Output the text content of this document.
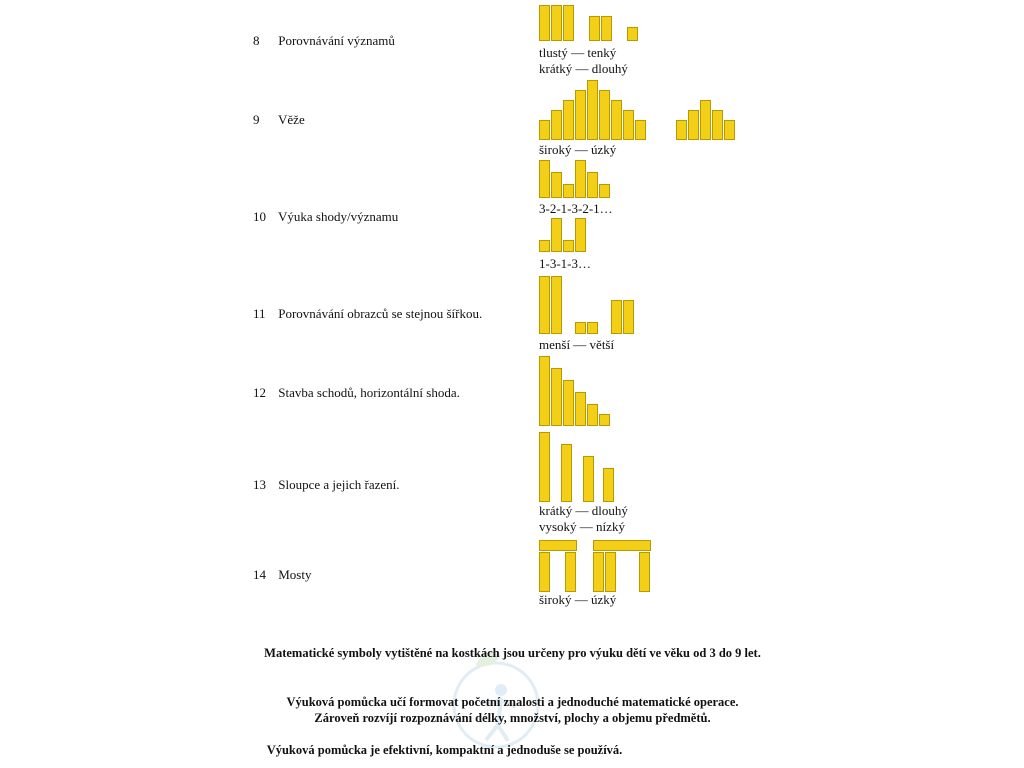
8 Porovnávání významů
9 Věže
10 Výuka shody/významu
11 Porovnávání obrazců se stejnou šířkou.
12 Stavba schodů, horizontální shoda.
13 Sloupce a jejich řazení.
14 Mosty
tlustý — tenký
krátký — dlouhý
široký — úzký
3-2-1-3-2-1…
1-3-1-3…
menší — větší
krátký — dlouhý
vysoký — nízký
široký — úzký
Matematické symboly vytištěné na kostkách jsou určeny pro výuku dětí ve věku od 3 do 9 let.
Výuková pomůcka učí formovat početní znalosti a jednoduché matematické operace.
Zároveň rozvíjí rozpoznávání délky, množství, plochy a objemu předmětů.
Výuková pomůcka je efektivní, kompaktní a jednoduše se používá.
